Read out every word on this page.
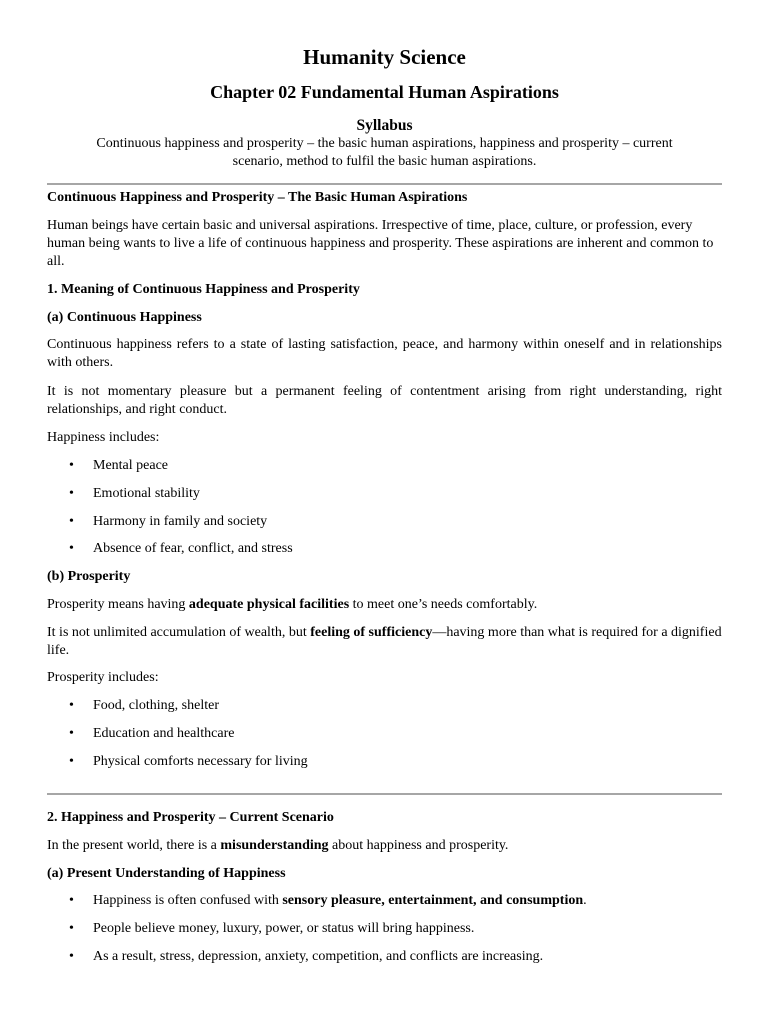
Humanity Science
Chapter 02 Fundamental Human Aspirations
Syllabus
Continuous happiness and prosperity – the basic human aspirations, happiness and prosperity – current
scenario, method to fulfil the basic human aspirations.
Continuous Happiness and Prosperity – The Basic Human Aspirations
Human beings have certain basic and universal aspirations. Irrespective of time, place, culture, or profession, every human being wants to live a life of continuous happiness and prosperity. These aspirations are inherent and common to all.
1. Meaning of Continuous Happiness and Prosperity
(a) Continuous Happiness
Continuous happiness refers to a state of lasting satisfaction, peace, and harmony within oneself and in relationships with others.
It is not momentary pleasure but a permanent feeling of contentment arising from right understanding, right relationships, and right conduct.
Happiness includes:
• Mental peace
• Emotional stability
• Harmony in family and society
• Absence of fear, conflict, and stress
(b) Prosperity
Prosperity means having adequate physical facilities to meet one’s needs comfortably.
It is not unlimited accumulation of wealth, but feeling of sufficiency—having more than what is required for a dignified life.
Prosperity includes:
• Food, clothing, shelter
• Education and healthcare
• Physical comforts necessary for living
2. Happiness and Prosperity – Current Scenario
In the present world, there is a misunderstanding about happiness and prosperity.
(a) Present Understanding of Happiness
• Happiness is often confused with sensory pleasure, entertainment, and consumption.
• People believe money, luxury, power, or status will bring happiness.
• As a result, stress, depression, anxiety, competition, and conflicts are increasing.
